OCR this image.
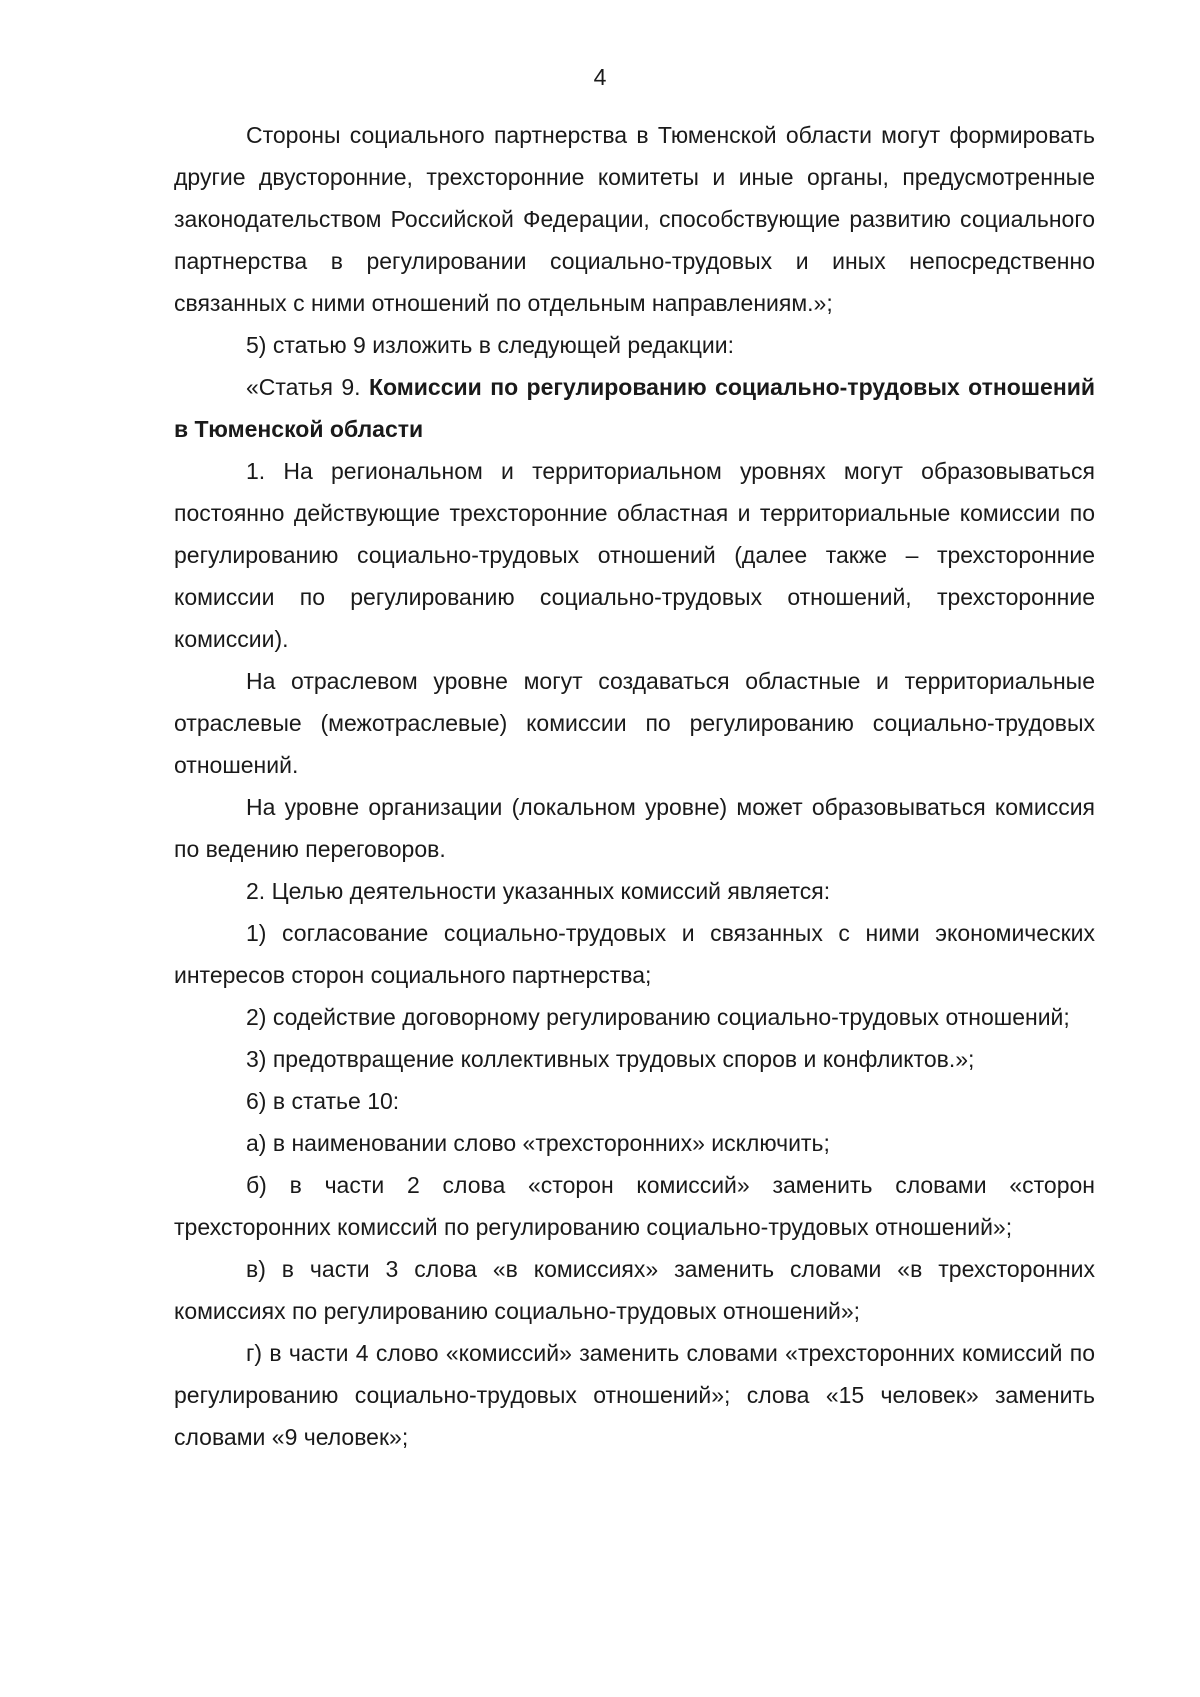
4

Стороны социального партнерства в Тюменской области могут формировать другие двусторонние, трехсторонние комитеты и иные органы, предусмотренные законодательством Российской Федерации, способствующие развитию социального партнерства в регулировании социально-трудовых и иных непосредственно связанных с ними отношений по отдельным направлениям.»;

5) статью 9 изложить в следующей редакции:

«Статья 9. Комиссии по регулированию социально-трудовых отношений в Тюменской области

1. На региональном и территориальном уровнях могут образовываться постоянно действующие трехсторонние областная и территориальные комиссии по регулированию социально-трудовых отношений (далее также – трехсторонние комиссии по регулированию социально-трудовых отношений, трехсторонние комиссии).

На отраслевом уровне могут создаваться областные и территориальные отраслевые (межотраслевые) комиссии по регулированию социально-трудовых отношений.

На уровне организации (локальном уровне) может образовываться комиссия по ведению переговоров.

2. Целью деятельности указанных комиссий является:

1) согласование социально-трудовых и связанных с ними экономических интересов сторон социального партнерства;

2) содействие договорному регулированию социально-трудовых отношений;

3) предотвращение коллективных трудовых споров и конфликтов.»;

6) в статье 10:

а) в наименовании слово «трехсторонних» исключить;

б) в части 2 слова «сторон комиссий» заменить словами «сторон трехсторонних комиссий по регулированию социально-трудовых отношений»;

в) в части 3 слова «в комиссиях» заменить словами «в трехсторонних комиссиях по регулированию социально-трудовых отношений»;

г) в части 4 слово «комиссий» заменить словами «трехсторонних комиссий по регулированию социально-трудовых отношений»; слова «15 человек» заменить словами «9 человек»;
